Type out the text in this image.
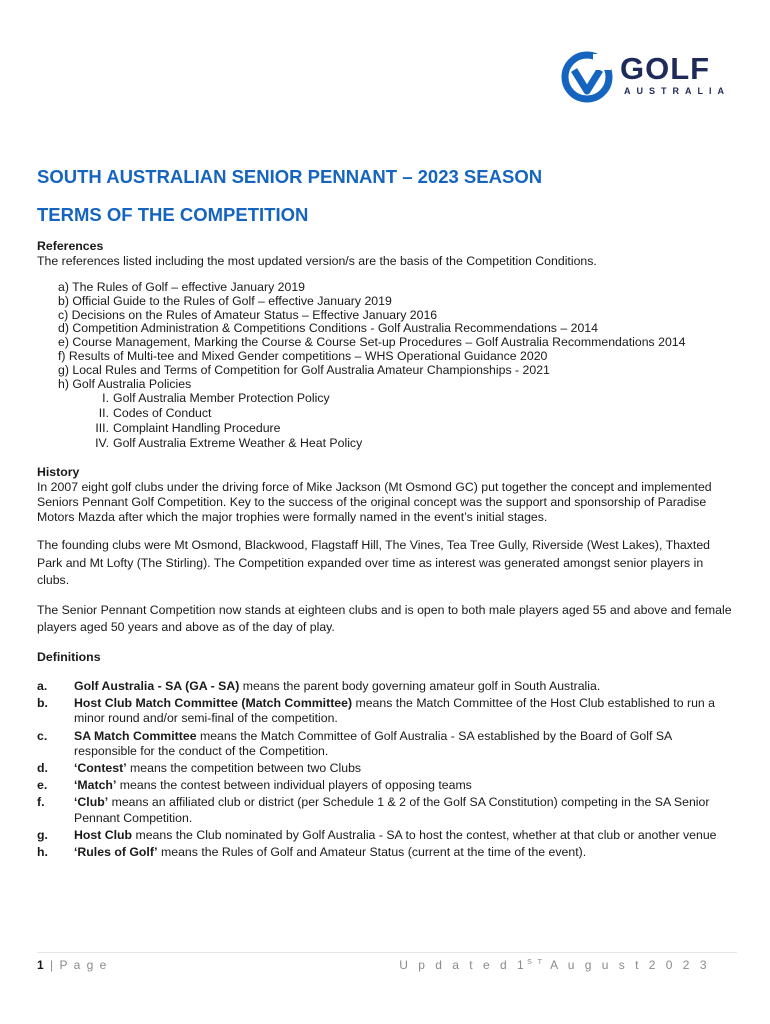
GOLF
AUSTRALIA
SOUTH AUSTRALIAN SENIOR PENNANT – 2023 SEASON
TERMS OF THE COMPETITION
References
The references listed including the most updated version/s are the basis of the Competition Conditions.
a) The Rules of Golf – effective January 2019
b) Official Guide to the Rules of Golf – effective January 2019
c) Decisions on the Rules of Amateur Status – Effective January 2016
d) Competition Administration & Competitions Conditions - Golf Australia Recommendations – 2014
e) Course Management, Marking the Course & Course Set-up Procedures – Golf Australia Recommendations 2014
f) Results of Multi-tee and Mixed Gender competitions – WHS Operational Guidance 2020
g) Local Rules and Terms of Competition for Golf Australia Amateur Championships - 2021
h) Golf Australia Policies
I. Golf Australia Member Protection Policy
II. Codes of Conduct
III. Complaint Handling Procedure
IV. Golf Australia Extreme Weather & Heat Policy
History

In 2007 eight golf clubs under the driving force of Mike Jackson (Mt Osmond GC) put together the concept and implemented Seniors Pennant Golf Competition. Key to the success of the original concept was the support and sponsorship of Paradise Motors Mazda after which the major trophies were formally named in the event’s initial stages.

The founding clubs were Mt Osmond, Blackwood, Flagstaff Hill, The Vines, Tea Tree Gully, Riverside (West Lakes), Thaxted Park and Mt Lofty (The Stirling). The Competition expanded over time as interest was generated amongst senior players in clubs.

The Senior Pennant Competition now stands at eighteen clubs and is open to both male players aged 55 and above and female players aged 50 years and above as of the day of play.

Definitions
a.	Golf Australia - SA (GA - SA) means the parent body governing amateur golf in South Australia.
b.	Host Club Match Committee (Match Committee) means the Match Committee of the Host Club established to run a minor round and/or semi-final of the competition.
c.	SA Match Committee means the Match Committee of Golf Australia - SA established by the Board of Golf SA responsible for the conduct of the Competition.
d.	‘Contest’ means the competition between two Clubs
e.	‘Match’ means the contest between individual players of opposing teams
f.	‘Club’ means an affiliated club or district (per Schedule 1 & 2 of the Golf SA Constitution) competing in the SA Senior Pennant Competition.
g.	Host Club means the Club nominated by Golf Australia - SA to host the contest, whether at that club or another venue
h.	‘Rules of Golf’ means the Rules of Golf and Amateur Status (current at the time of the event).
1 | P a g e	U p d a t e d $1^{S T}$ A u g u s t 2 0 2 3
